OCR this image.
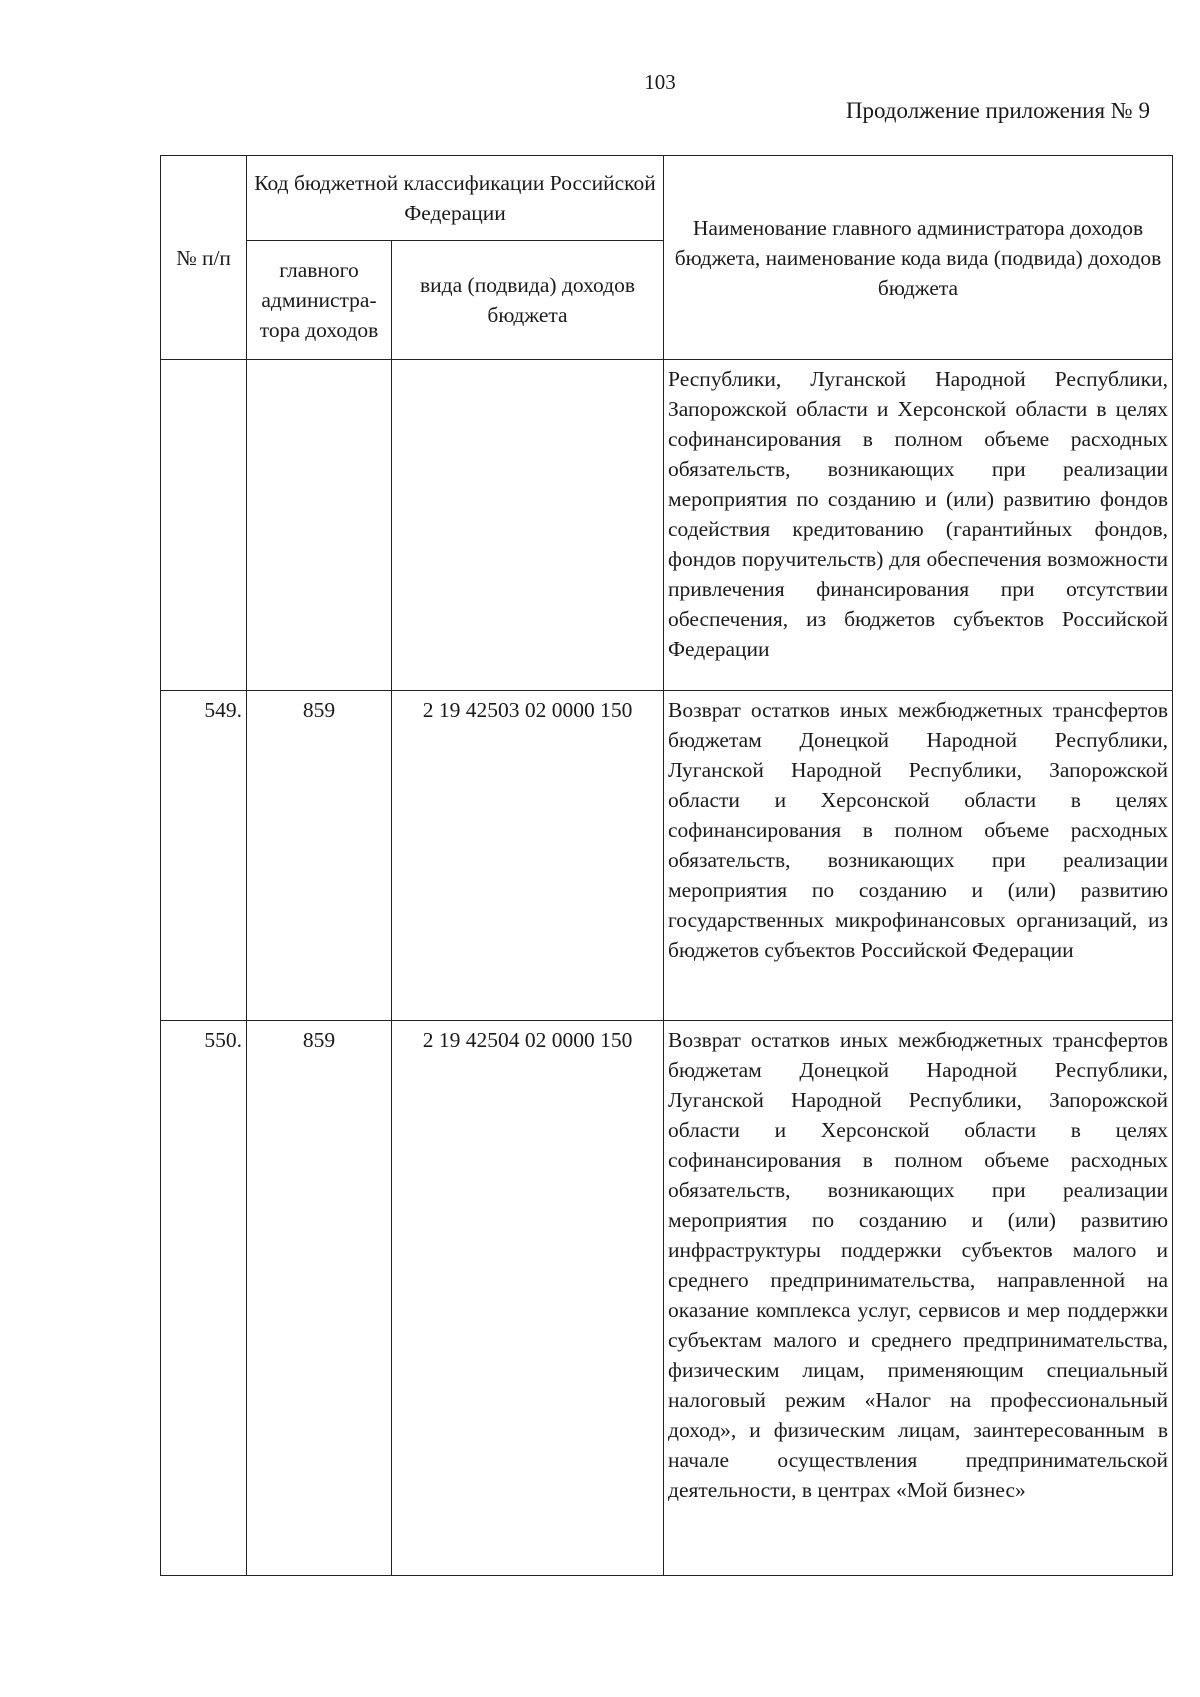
103
Продолжение приложения № 9
№ п/п	Код бюджетной классификации Российской Федерации		Наименование главного администратора доходов бюджета, наименование кода вида (подвида) доходов бюджета
	главного администра-тора доходов	вида (подвида) доходов бюджета	

			Республики, Луганской Народной Республики, Запорожской области и Херсонской области в целях софинансирования в полном объеме расходных обязательств, возникающих при реализации мероприятия по созданию и (или) развитию фондов содействия кредитованию (гарантийных фондов, фондов поручительств) для обеспечения возможности привлечения финансирования при отсутствии обеспечения, из бюджетов субъектов Российской Федерации

549.	859	2 19 42503 02 0000 150	Возврат остатков иных межбюджетных трансфертов бюджетам Донецкой Народной Республики, Луганской Народной Республики, Запорожской области и Херсонской области в целях софинансирования в полном объеме расходных обязательств, возникающих при реализации мероприятия по созданию и (или) развитию государственных микрофинансовых организаций, из бюджетов субъектов Российской Федерации

550.	859	2 19 42504 02 0000 150	Возврат остатков иных межбюджетных трансфертов бюджетам Донецкой Народной Республики, Луганской Народной Республики, Запорожской области и Херсонской области в целях софинансирования в полном объеме расходных обязательств, возникающих при реализации мероприятия по созданию и (или) развитию инфраструктуры поддержки субъектов малого и среднего предпринимательства, направленной на оказание комплекса услуг, сервисов и мер поддержки субъектам малого и среднего предпринимательства, физическим лицам, применяющим специальный налоговый режим «Налог на профессиональный доход», и физическим лицам, заинтересованным в начале осуществления предпринимательской деятельности, в центрах «Мой бизнес»
